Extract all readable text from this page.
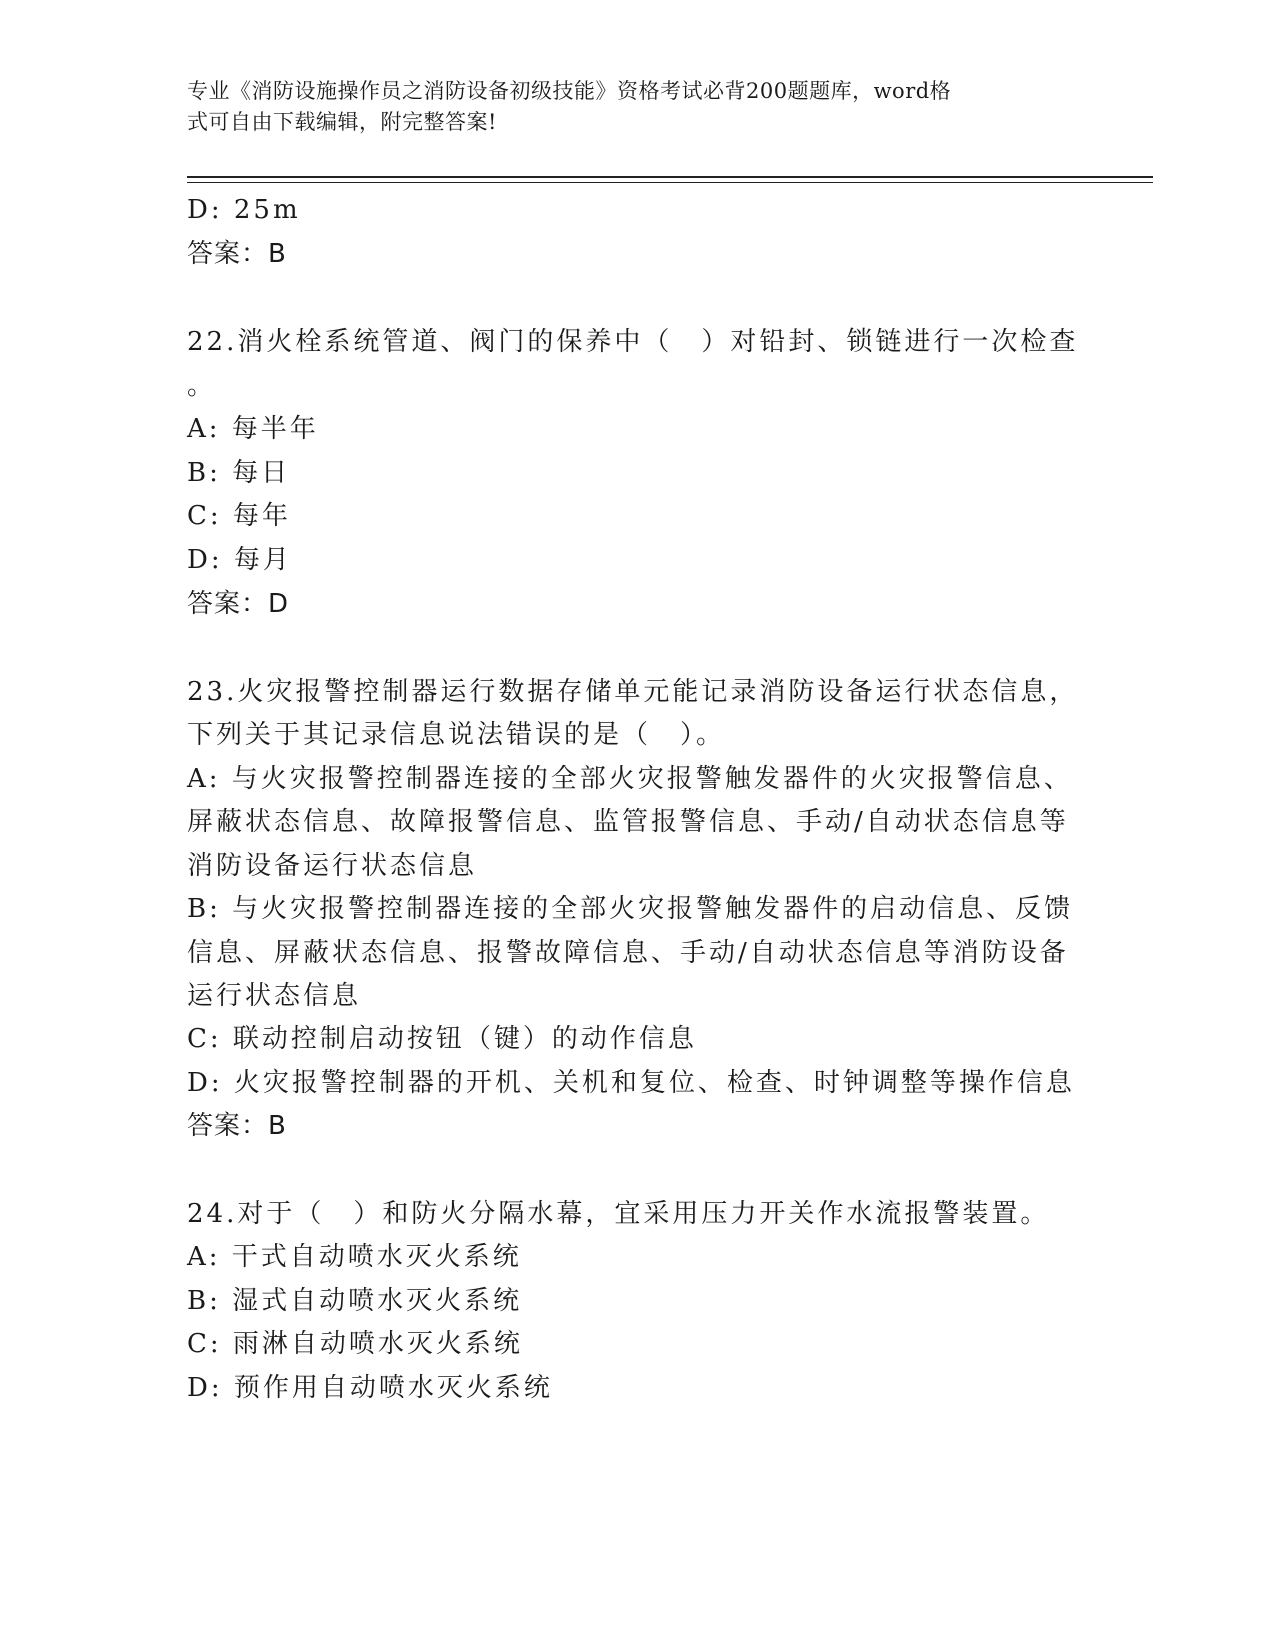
专业《消防设施操作员之消防设备初级技能》资格考试必背200题题库，word格
式可自由下载编辑，附完整答案!
D: 25m
答案：B
22.消火栓系统管道、阀门的保养中（　）对铅封、锁链进行一次检查
。
A: 每半年
B: 每日
C: 每年
D: 每月
答案：D
23.火灾报警控制器运行数据存储单元能记录消防设备运行状态信息，
下列关于其记录信息说法错误的是（　）。
A: 与火灾报警控制器连接的全部火灾报警触发器件的火灾报警信息、
屏蔽状态信息、故障报警信息、监管报警信息、手动/自动状态信息等
消防设备运行状态信息
B: 与火灾报警控制器连接的全部火灾报警触发器件的启动信息、反馈
信息、屏蔽状态信息、报警故障信息、手动/自动状态信息等消防设备
运行状态信息
C: 联动控制启动按钮（键）的动作信息
D: 火灾报警控制器的开机、关机和复位、检查、时钟调整等操作信息
答案：B
24.对于（　）和防火分隔水幕，宜采用压力开关作水流报警装置。
A: 干式自动喷水灭火系统
B: 湿式自动喷水灭火系统
C: 雨淋自动喷水灭火系统
D: 预作用自动喷水灭火系统
